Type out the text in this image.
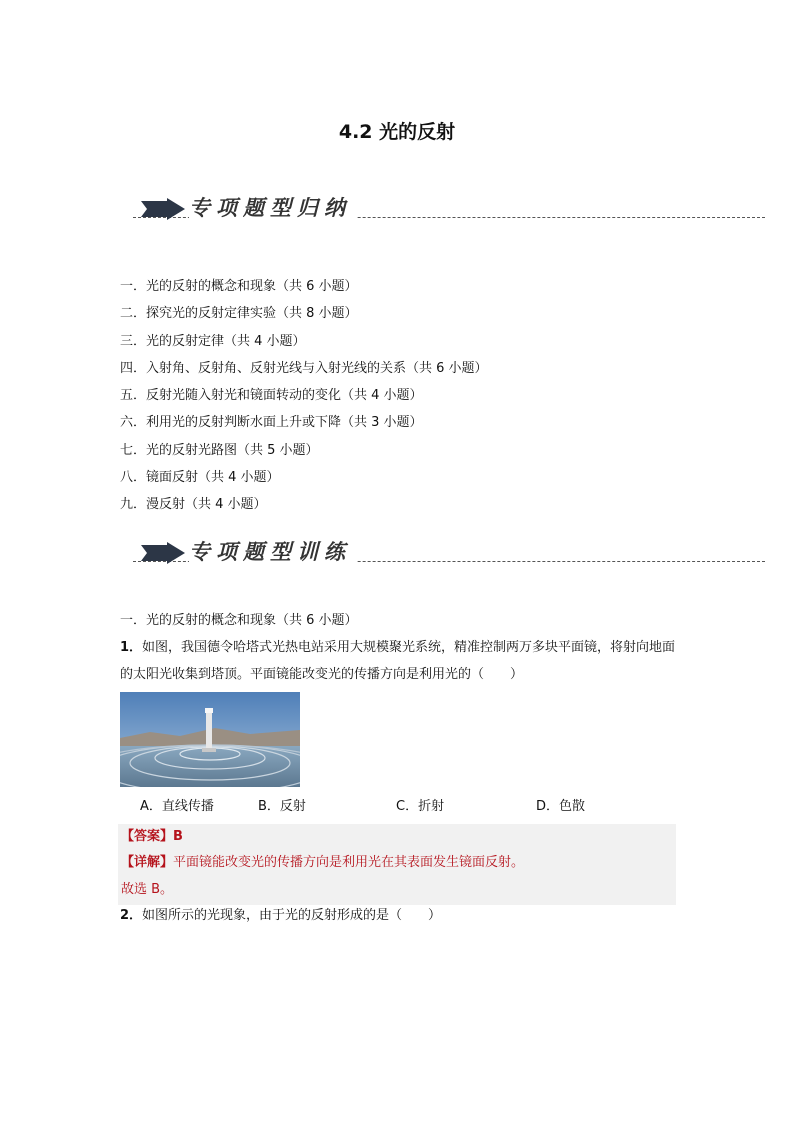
4.2 光的反射
专项题型归纳
一．光的反射的概念和现象（共 6 小题）
二．探究光的反射定律实验（共 8 小题）
三．光的反射定律（共 4 小题）
四．入射角、反射角、反射光线与入射光线的关系（共 6 小题）
五．反射光随入射光和镜面转动的变化（共 4 小题）
六．利用光的反射判断水面上升或下降（共 3 小题）
七．光的反射光路图（共 5 小题）
八．镜面反射（共 4 小题）
九．漫反射（共 4 小题）
专项题型训练
一．光的反射的概念和现象（共 6 小题）
1．如图，我国德令哈塔式光热电站采用大规模聚光系统，精准控制两万多块平面镜，将射向地面的太阳光收集到塔顶。平面镜能改变光的传播方向是利用光的（　　）
A．直线传播	B．反射	C．折射	D．色散
【答案】B
【详解】平面镜能改变光的传播方向是利用光在其表面发生镜面反射。
故选 B。
2．如图所示的光现象，由于光的反射形成的是（　　）
